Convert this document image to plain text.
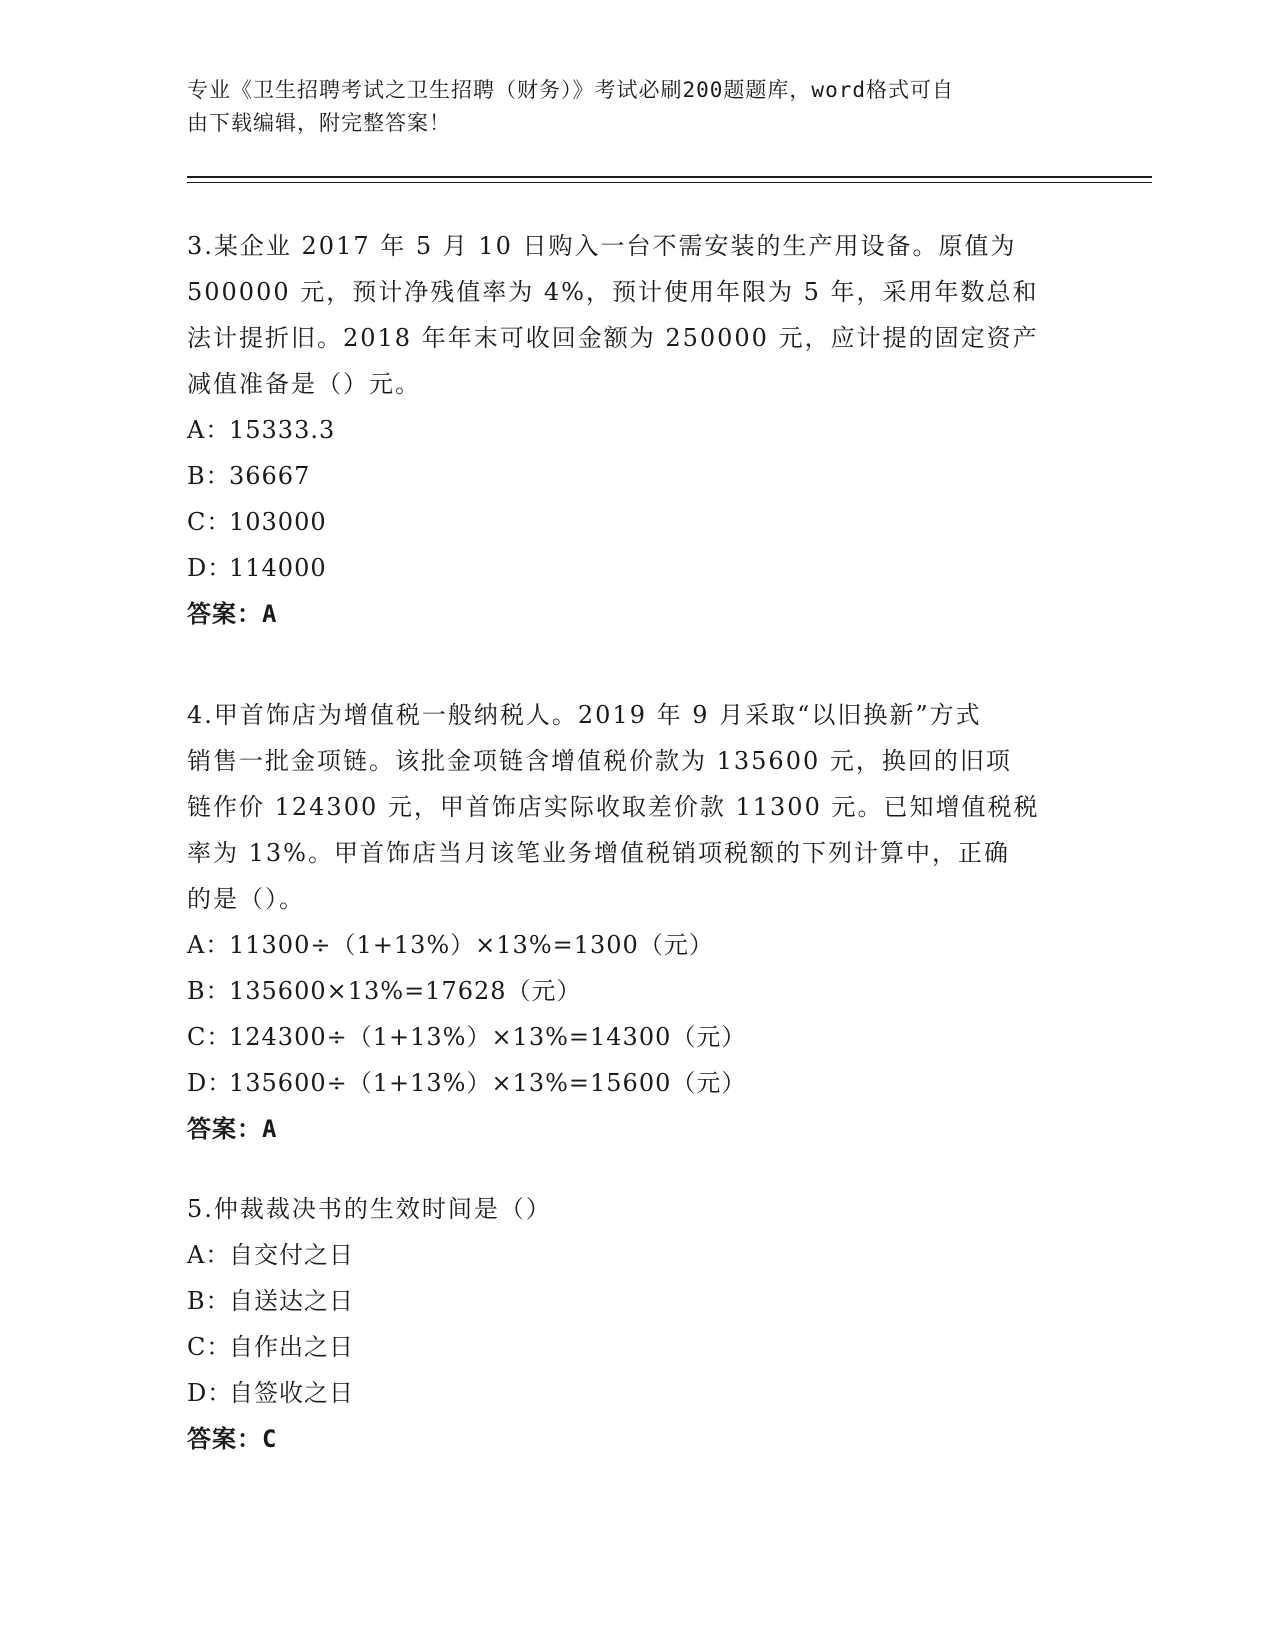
专业《卫生招聘考试之卫生招聘（财务）》考试必刷200题题库，word格式可自
由下载编辑，附完整答案！

3.某企业 2017 年 5 月 10 日购入一台不需安装的生产用设备。原值为

500000 元，预计净残值率为 4%，预计使用年限为 5 年，采用年数总和

法计提折旧。2018 年年末可收回金额为 250000 元，应计提的固定资产

减值准备是（）元。

A：15333.3

B：36667

C：103000

D：114000

答案：A

4.甲首饰店为增值税一般纳税人。2019 年 9 月采取“以旧换新”方式

销售一批金项链。该批金项链含增值税价款为 135600 元，换回的旧项

链作价 124300 元，甲首饰店实际收取差价款 11300 元。已知增值税税

率为 13%。甲首饰店当月该笔业务增值税销项税额的下列计算中，正确

的是（）。

A：11300÷（1+13%）×13%=1300（元）

B：135600×13%=17628（元）

C：124300÷（1+13%）×13%=14300（元）

D：135600÷（1+13%）×13%=15600（元）

答案：A

5.仲裁裁决书的生效时间是（）

A：自交付之日

B：自送达之日

C：自作出之日

D：自签收之日

答案：C
